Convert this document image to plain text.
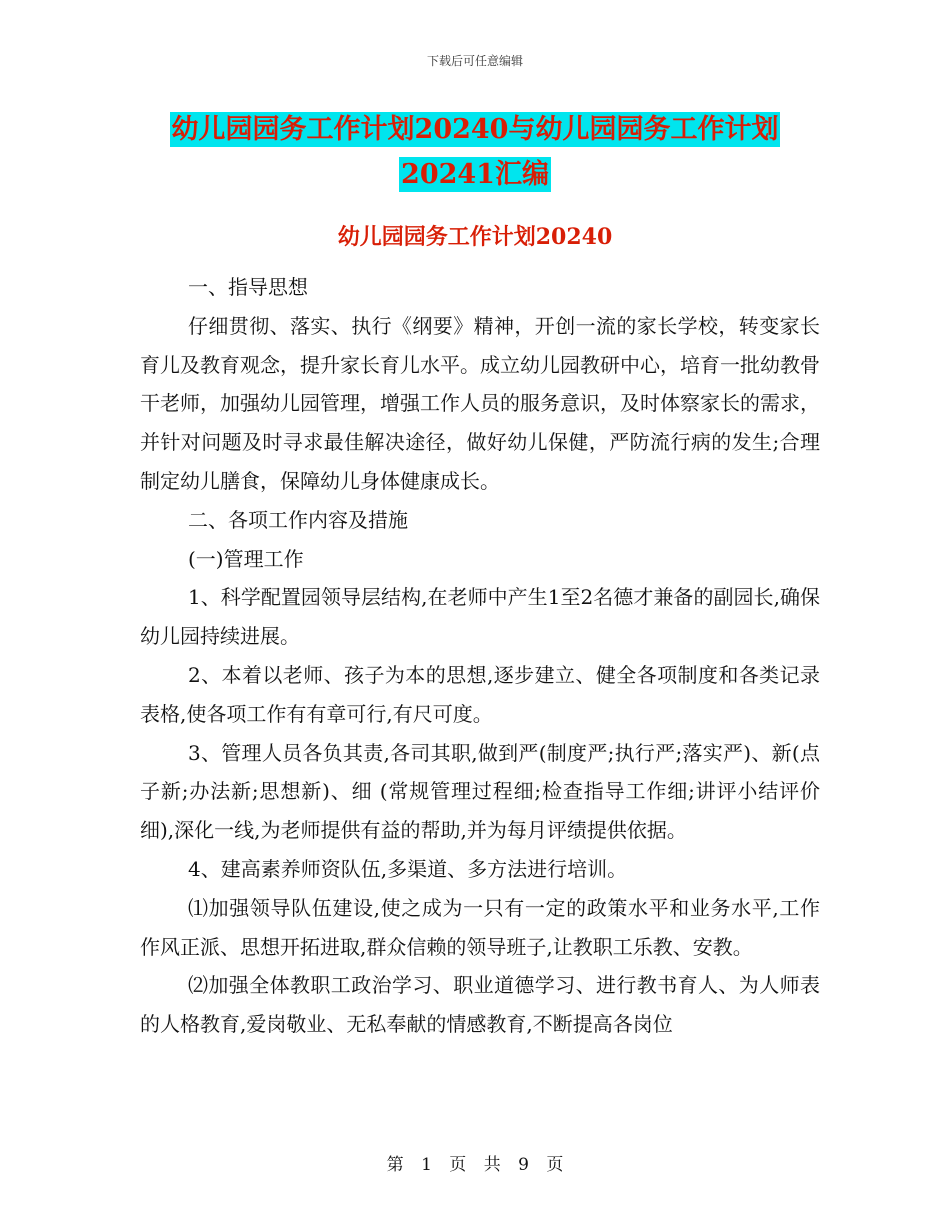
下载后可任意编辑
幼儿园园务工作计划20240与幼儿园园务工作计划
20241汇编
幼儿园园务工作计划20240

一、指导思想

仔细贯彻、落实、执行《纲要》精神，开创一流的家长学校，转变家长育儿及教育观念，提升家长育儿水平。成立幼儿园教研中心，培育一批幼教骨干老师，加强幼儿园管理，增强工作人员的服务意识，及时体察家长的需求，并针对问题及时寻求最佳解决途径，做好幼儿保健，严防流行病的发生;合理制定幼儿膳食，保障幼儿身体健康成长。

二、各项工作内容及措施

(一)管理工作

1、科学配置园领导层结构,在老师中产生1至2名德才兼备的副园长,确保幼儿园持续进展。

2、本着以老师、孩子为本的思想,逐步建立、健全各项制度和各类记录表格,使各项工作有有章可行,有尺可度。

3、管理人员各负其责,各司其职,做到严(制度严;执行严;落实严)、新(点子新;办法新;思想新)、细 (常规管理过程细;检查指导工作细;讲评小结评价细),深化一线,为老师提供有益的帮助,并为每月评绩提供依据。

4、建高素养师资队伍,多渠道、多方法进行培训。

⑴加强领导队伍建设,使之成为一只有一定的政策水平和业务水平,工作作风正派、思想开拓进取,群众信赖的领导班子,让教职工乐教、安教。

⑵加强全体教职工政治学习、职业道德学习、进行教书育人、为人师表的人格教育,爱岗敬业、无私奉献的情感教育,不断提高各岗位

第 1 页 共 9 页
